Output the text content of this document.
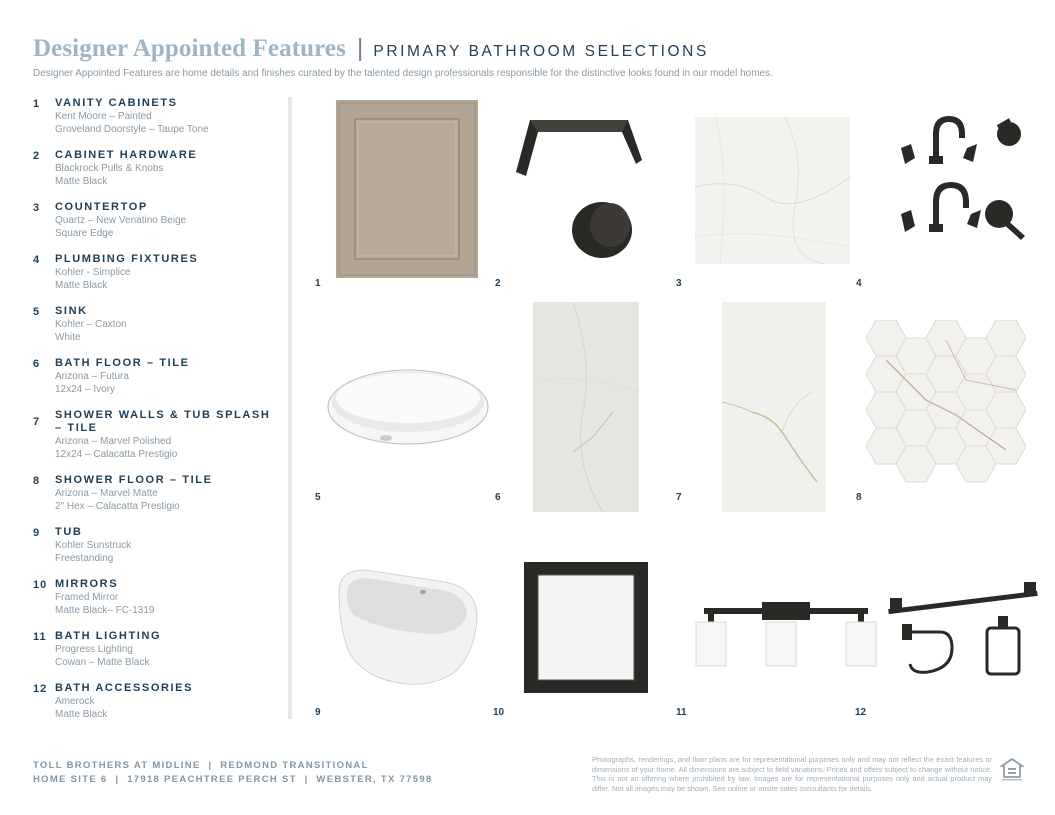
Designer Appointed Features | PRIMARY BATHROOM SELECTIONS
Designer Appointed Features are home details and finishes curated by the talented design professionals responsible for the distinctive looks found in our model homes.
1	VANITY CABINETS
Kent Moore – Painted
Groveland Doorstyle – Taupe Tone
2	CABINET HARDWARE
Blackrock Pulls & Knobs
Matte Black
3	COUNTERTOP
Quartz – New Venatino Beige
Square Edge
4	PLUMBING FIXTURES
Kohler - Simplice
Matte Black
5	SINK
Kohler – Caxton
White
6	BATH FLOOR – TILE
Arizona – Futura
12x24 – Ivory
7
SHOWER WALLS & TUB SPLASH – TILE
Arizona – Marvel Polished
12x24 – Calacatta Prestigio
8	SHOWER FLOOR – TILE
Arizona – Marvel Matte
2" Hex – Calacatta Prestigio
9	TUB
Kohler Sunstruck
Freestanding
10 MIRRORS
Framed Mirror
Matte Black– FC-1319
11 BATH LIGHTING
Progress Lighting
Cowan – Matte Black
12 BATH ACCESSORIES
Amerock
Matte Black
1	2	3	4
5	6	7	8
9	10	11	12
TOLL BROTHERS AT MIDLINE  |  REDMOND TRANSITIONAL
HOME SITE 6  |  17918 PEACHTREE PERCH ST  |  WEBSTER, TX 77598
Photographs, renderings, and floor plans are for representational purposes only and may not reflect the exact features or dimensions of your home. All dimensions are subject to field variations. Prices and offers subject to change without notice. This is not an offering where prohibited by law. Images are for representational purposes only and actual product may differ. Not all images may be shown. See online or onsite sales consultants for details.
